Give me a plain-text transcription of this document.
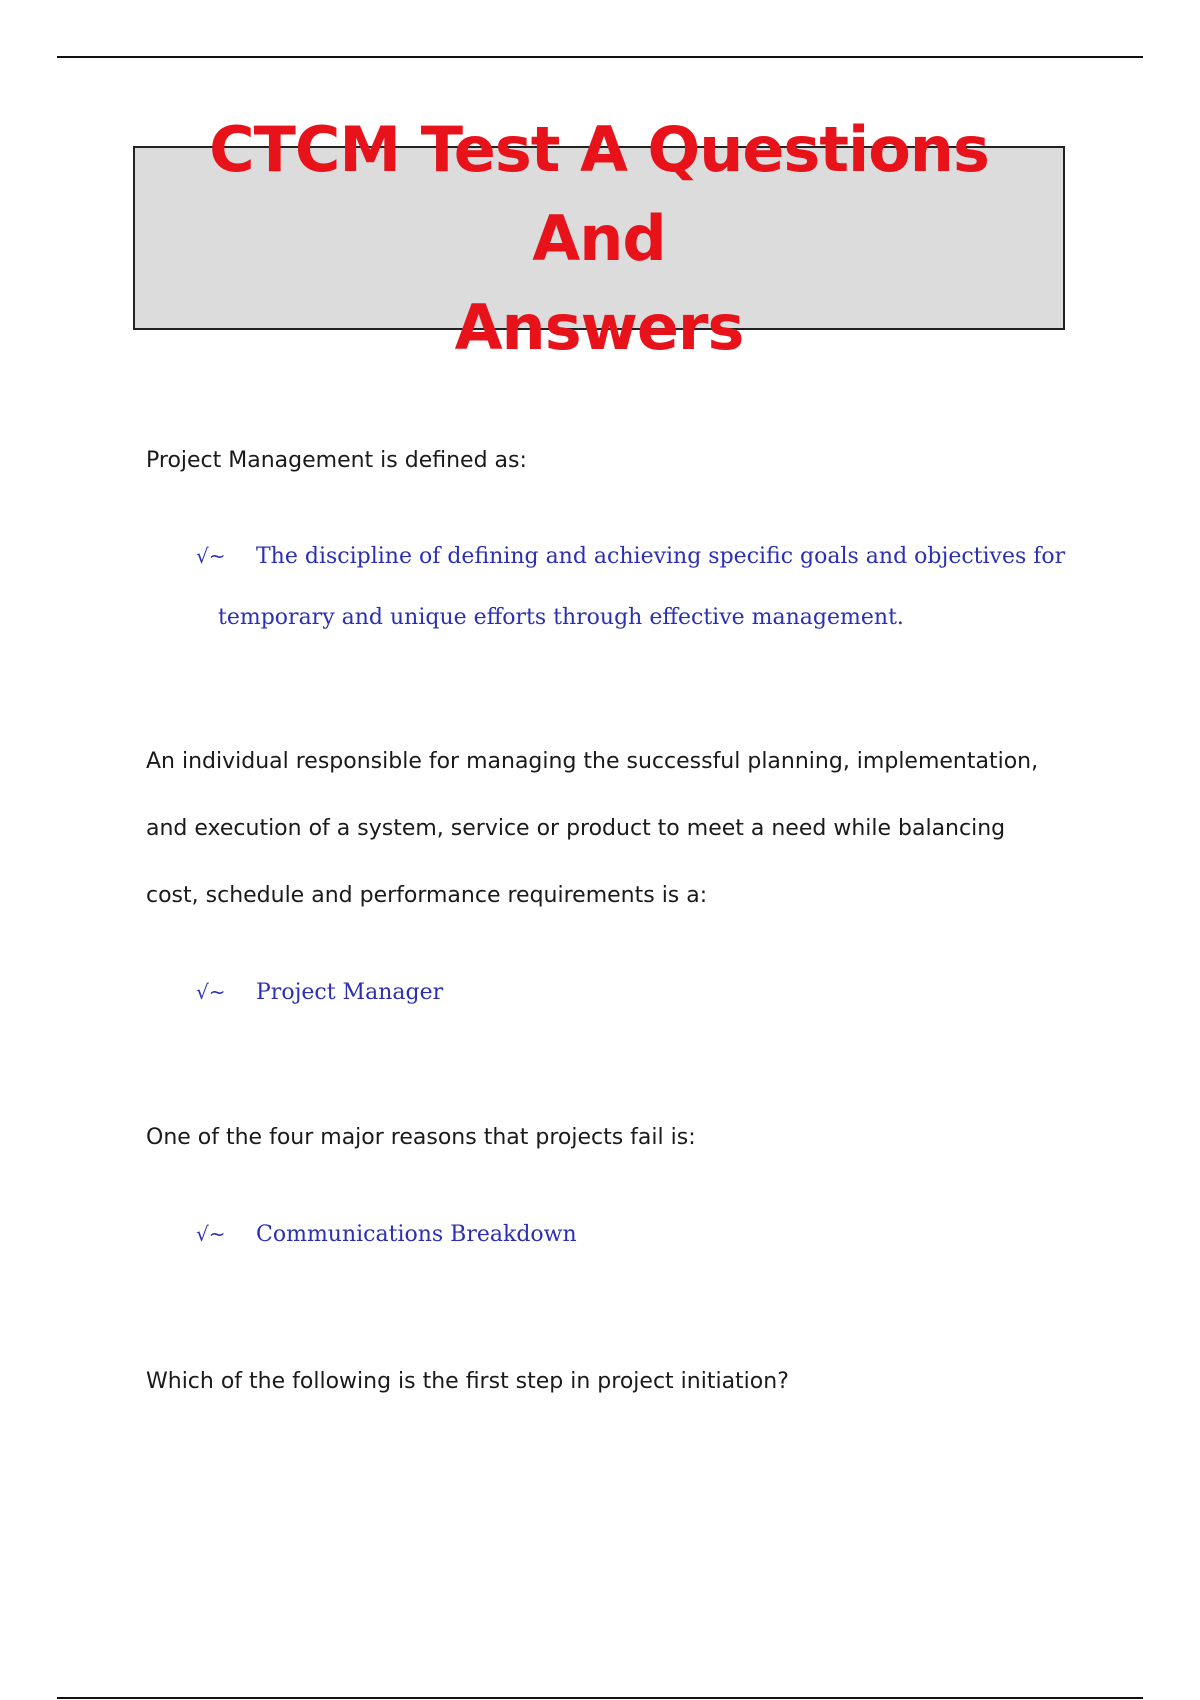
CTCM Test A Questions And
Answers

Project Management is defined as:

√~ The discipline of defining and achieving specific goals and objectives for
temporary and unique efforts through effective management.

An individual responsible for managing the successful planning, implementation,
and execution of a system, service or product to meet a need while balancing
cost, schedule and performance requirements is a:

√~ Project Manager

One of the four major reasons that projects fail is:

√~ Communications Breakdown

Which of the following is the first step in project initiation?
